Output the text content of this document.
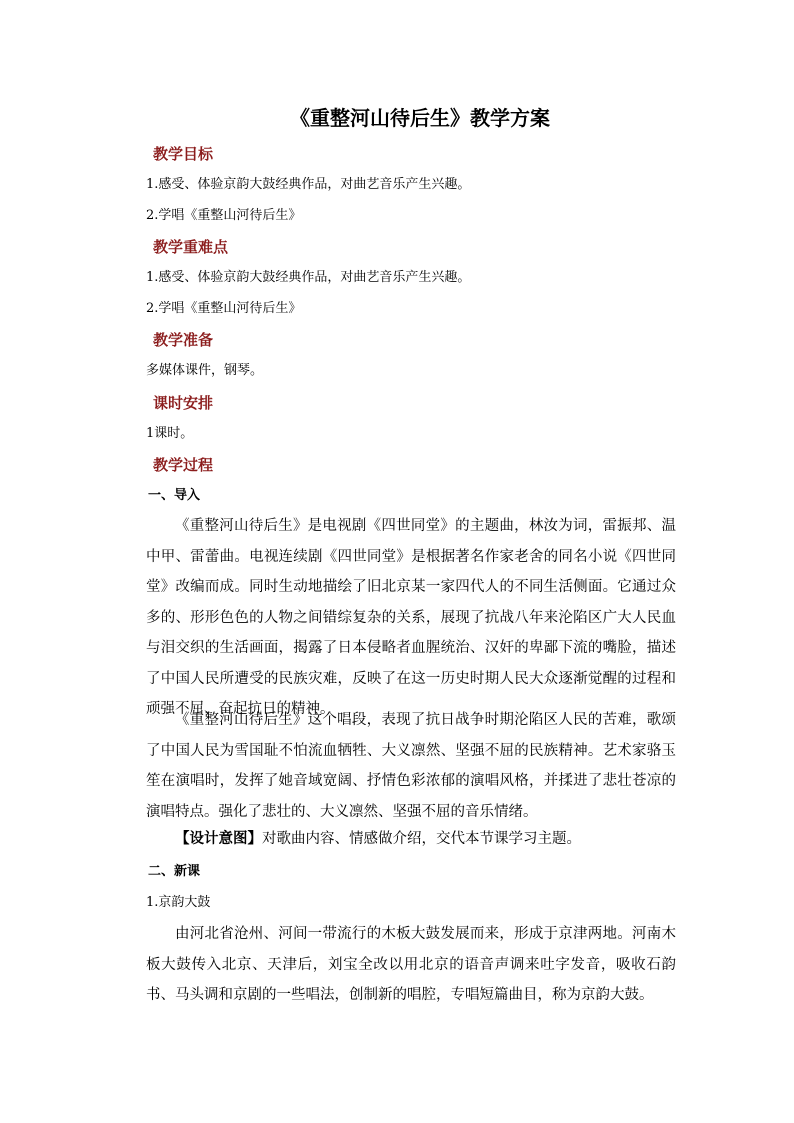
《重整河山待后生》教学方案
教学目标

1.感受、体验京韵大鼓经典作品，对曲艺音乐产生兴趣。

2.学唱《重整山河待后生》

教学重难点

1.感受、体验京韵大鼓经典作品，对曲艺音乐产生兴趣。

2.学唱《重整山河待后生》

教学准备

多媒体课件，钢琴。

课时安排

1课时。

教学过程

一、导入

《重整河山待后生》是电视剧《四世同堂》的主题曲，林汝为词，雷振邦、温中甲、雷蕾曲。电视连续剧《四世同堂》是根据著名作家老舍的同名小说《四世同堂》改编而成。同时生动地描绘了旧北京某一家四代人的不同生活侧面。它通过众多的、形形色色的人物之间错综复杂的关系，展现了抗战八年来沦陷区广大人民血与泪交织的生活画面，揭露了日本侵略者血腥统治、汉奸的卑鄙下流的嘴脸，描述了中国人民所遭受的民族灾难，反映了在这一历史时期人民大众逐渐觉醒的过程和顽强不屈、奋起抗日的精神。

《重整河山待后生》这个唱段，表现了抗日战争时期沦陷区人民的苦难，歌颂了中国人民为雪国耻不怕流血牺牲、大义凛然、坚强不屈的民族精神。艺术家骆玉笙在演唱时，发挥了她音域宽阔、抒情色彩浓郁的演唱风格，并揉进了悲壮苍凉的演唱特点。强化了悲壮的、大义凛然、坚强不屈的音乐情绪。

【设计意图】对歌曲内容、情感做介绍，交代本节课学习主题。

二、新课

1.京韵大鼓

由河北省沧州、河间一带流行的木板大鼓发展而来，形成于京津两地。河南木板大鼓传入北京、天津后，刘宝全改以用北京的语音声调来吐字发音，吸收石韵书、马头调和京剧的一些唱法，创制新的唱腔，专唱短篇曲目，称为京韵大鼓。
